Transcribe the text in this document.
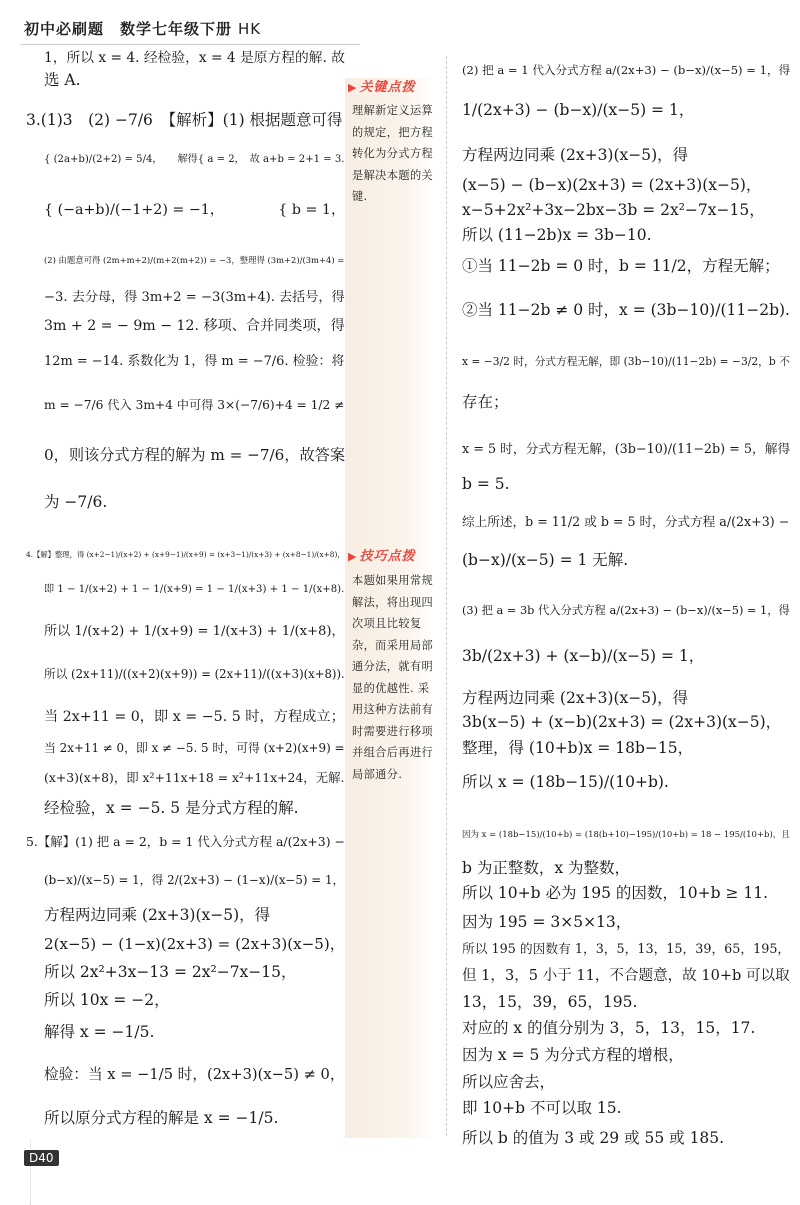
初中必刷题　数学七年级下册 HK
▶ 关键点拨
理解新定义运算的规定，把方程转化为分式方程是解决本题的关键.
▶ 技巧点拨
本题如果用常规解法，将出现四次项且比较复杂，而采用局部通分法，就有明显的优越性. 采用这种方法前有时需要进行移项并组合后再进行局部通分.
1，所以 x = 4. 经检验，x = 4 是原方程的解. 故
选 A.
3.(1)3　(2) −7/6　【解析】(1) 根据题意可得
{ (2a+b)/(2+2) = 5/4，　　解得{ a = 2，　故 a+b = 2+1 = 3.
{ (−a+b)/(−1+2) = −1，　　　　 { b = 1，
(2) 由题意可得 (2m+m+2)/(m+2(m+2)) = −3，整理得 (3m+2)/(3m+4) =
−3. 去分母，得 3m+2 = −3(3m+4). 去括号，得
3m + 2 = − 9m − 12. 移项、合并同类项，得
12m = −14. 系数化为 1，得 m = −7/6. 检验：将
m = −7/6 代入 3m+4 中可得 3×(−7/6)+4 = 1/2 ≠
0，则该分式方程的解为 m = −7/6，故答案
为 −7/6.
4.【解】整理，得 (x+2−1)/(x+2) + (x+9−1)/(x+9) = (x+3−1)/(x+3) + (x+8−1)/(x+8)，
即 1 − 1/(x+2) + 1 − 1/(x+9) = 1 − 1/(x+3) + 1 − 1/(x+8).
所以 1/(x+2) + 1/(x+9) = 1/(x+3) + 1/(x+8)，
所以 (2x+11)/((x+2)(x+9)) = (2x+11)/((x+3)(x+8)).
当 2x+11 = 0，即 x = −5. 5 时，方程成立；
当 2x+11 ≠ 0，即 x ≠ −5. 5 时，可得 (x+2)(x+9) =
(x+3)(x+8)，即 x²+11x+18 = x²+11x+24，无解.
经检验，x = −5. 5 是分式方程的解.
5.【解】(1) 把 a = 2，b = 1 代入分式方程 a/(2x+3) −
(b−x)/(x−5) = 1，得 2/(2x+3) − (1−x)/(x−5) = 1，
方程两边同乘 (2x+3)(x−5)，得
2(x−5) − (1−x)(2x+3) = (2x+3)(x−5)，
所以 2x²+3x−13 = 2x²−7x−15，
所以 10x = −2，
解得 x = −1/5.
检验：当 x = −1/5 时，(2x+3)(x−5) ≠ 0，
所以原分式方程的解是 x = −1/5.
(2) 把 a = 1 代入分式方程 a/(2x+3) − (b−x)/(x−5) = 1，得
1/(2x+3) − (b−x)/(x−5) = 1，
方程两边同乘 (2x+3)(x−5)，得
(x−5) − (b−x)(2x+3) = (2x+3)(x−5)，
x−5+2x²+3x−2bx−3b = 2x²−7x−15，
所以 (11−2b)x = 3b−10.
①当 11−2b = 0 时，b = 11/2，方程无解；
②当 11−2b ≠ 0 时，x = (3b−10)/(11−2b).
x = −3/2 时，分式方程无解，即 (3b−10)/(11−2b) = −3/2，b 不
存在；
x = 5 时，分式方程无解，(3b−10)/(11−2b) = 5，解得
b = 5.
综上所述，b = 11/2 或 b = 5 时，分式方程 a/(2x+3) −
(b−x)/(x−5) = 1 无解.
(3) 把 a = 3b 代入分式方程 a/(2x+3) − (b−x)/(x−5) = 1，得
3b/(2x+3) + (x−b)/(x−5) = 1，
方程两边同乘 (2x+3)(x−5)，得
3b(x−5) + (x−b)(2x+3) = (2x+3)(x−5)，
整理，得 (10+b)x = 18b−15，
所以 x = (18b−15)/(10+b).
因为 x = (18b−15)/(10+b) = (18(b+10)−195)/(10+b) = 18 − 195/(10+b)，且
b 为正整数，x 为整数，
所以 10+b 必为 195 的因数，10+b ≥ 11.
因为 195 = 3×5×13，
所以 195 的因数有 1，3，5，13，15，39，65，195，
但 1，3，5 小于 11，不合题意，故 10+b 可以取
13，15，39，65，195.
对应的 x 的值分别为 3，5，13，15，17.
因为 x = 5 为分式方程的增根，
所以应舍去，
即 10+b 不可以取 15.
所以 b 的值为 3 或 29 或 55 或 185.
D40
